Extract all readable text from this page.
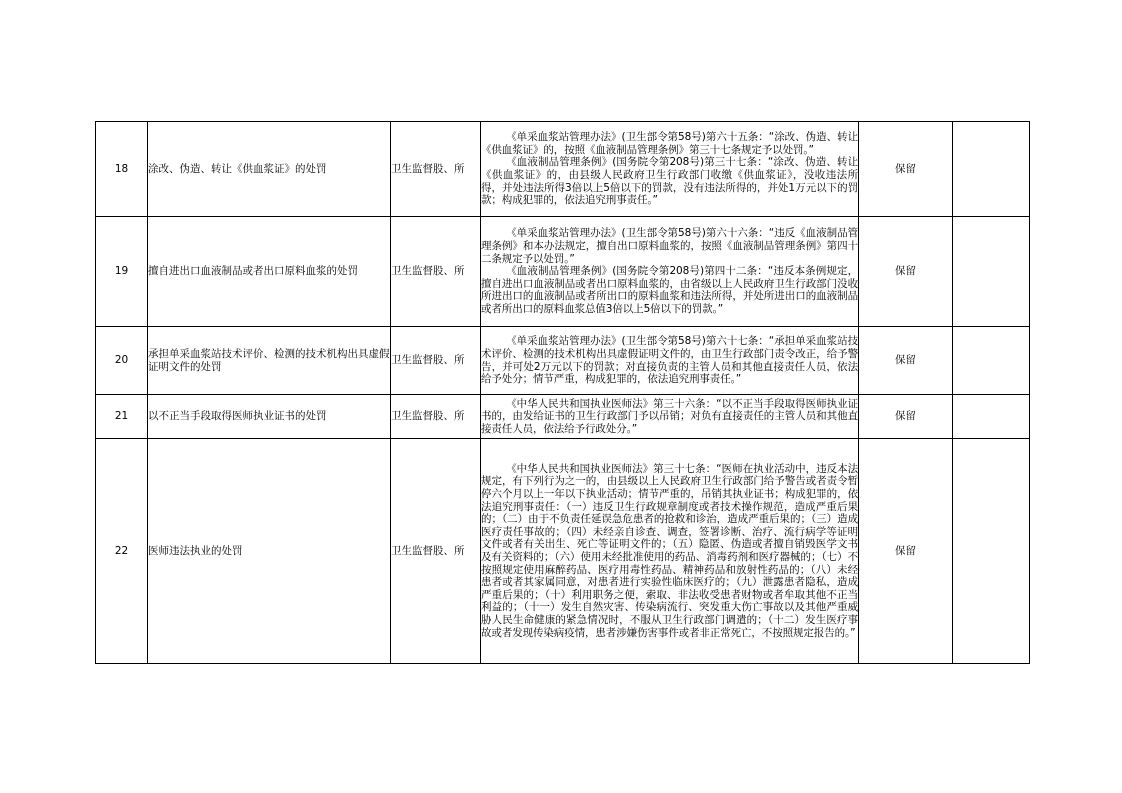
18	涂改、伪造、转让《供血浆证》的处罚	卫生监督股、所	《单采血浆站管理办法》(卫生部令第58号)第六十五条：“涂改、伪造、转让《供血浆证》的，按照《血液制品管理条例》第三十七条规定予以处罚。”

《血液制品管理条例》(国务院令第208号)第三十七条：“涂改、伪造、转让《供血浆证》的，由县级人民政府卫生行政部门收缴《供血浆证》，没收违法所得，并处违法所得3倍以上5倍以下的罚款，没有违法所得的，并处1万元以下的罚款；构成犯罪的，依法追究刑事责任。”	保留	
19	擅自进出口血液制品或者出口原料血浆的处罚	卫生监督股、所	《单采血浆站管理办法》(卫生部令第58号)第六十六条：“违反《血液制品管理条例》和本办法规定，擅自出口原料血浆的，按照《血液制品管理条例》第四十二条规定予以处罚。”

《血液制品管理条例》(国务院令第208号)第四十二条：“违反本条例规定，擅自进出口血液制品或者出口原料血浆的，由省级以上人民政府卫生行政部门没收所进出口的血液制品或者所出口的原料血浆和违法所得，并处所进出口的血液制品或者所出口的原料血浆总值3倍以上5倍以下的罚款。”	保留	
20	承担单采血浆站技术评价、检测的技术机构出具虚假证明文件的处罚	卫生监督股、所	《单采血浆站管理办法》(卫生部令第58号)第六十七条：“承担单采血浆站技术评价、检测的技术机构出具虚假证明文件的，由卫生行政部门责令改正，给予警告，并可处2万元以下的罚款；对直接负责的主管人员和其他直接责任人员，依法给予处分；情节严重，构成犯罪的，依法追究刑事责任。”	保留	
21	以不正当手段取得医师执业证书的处罚	卫生监督股、所	《中华人民共和国执业医师法》第三十六条：“以不正当手段取得医师执业证书的，由发给证书的卫生行政部门予以吊销；对负有直接责任的主管人员和其他直接责任人员，依法给予行政处分。”	保留	
22	医师违法执业的处罚	卫生监督股、所	《中华人民共和国执业医师法》第三十七条：“医师在执业活动中，违反本法规定，有下列行为之一的，由县级以上人民政府卫生行政部门给予警告或者责令暂停六个月以上一年以下执业活动；情节严重的，吊销其执业证书；构成犯罪的，依法追究刑事责任：（一）违反卫生行政规章制度或者技术操作规范，造成严重后果的；（二）由于不负责任延误急危患者的抢救和诊治，造成严重后果的；（三）造成医疗责任事故的；（四）未经亲自诊查、调查，签署诊断、治疗、流行病学等证明文件或者有关出生、死亡等证明文件的；（五）隐匿、伪造或者擅自销毁医学文书及有关资料的；（六）使用未经批准使用的药品、消毒药剂和医疗器械的；（七）不按照规定使用麻醉药品、医疗用毒性药品、精神药品和放射性药品的；（八）未经患者或者其家属同意，对患者进行实验性临床医疗的；（九）泄露患者隐私，造成严重后果的；（十）利用职务之便，索取、非法收受患者财物或者牟取其他不正当利益的；（十一）发生自然灾害、传染病流行、突发重大伤亡事故以及其他严重威胁人民生命健康的紧急情况时，不服从卫生行政部门调遣的；（十二）发生医疗事故或者发现传染病疫情，患者涉嫌伤害事件或者非正常死亡，不按照规定报告的。”	保留	
